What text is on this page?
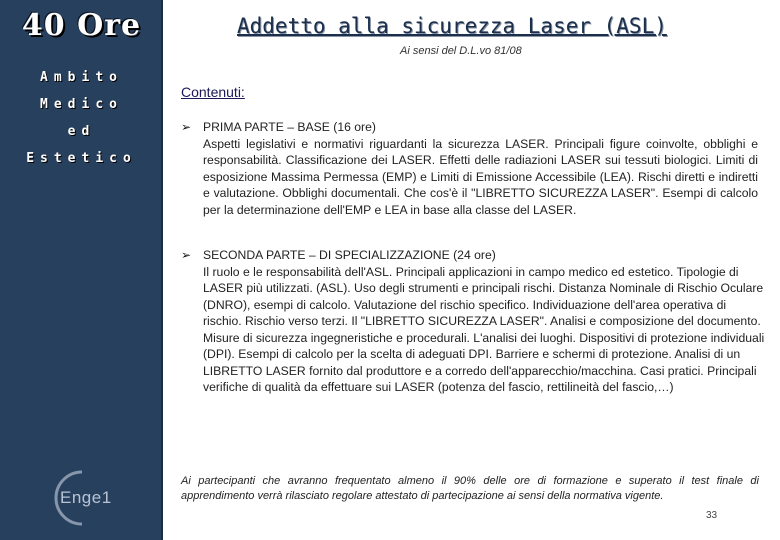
40 Ore
Ambito
Medico
ed
Estetico
Enge1
Addetto alla sicurezza Laser (ASL)
Ai sensi del D.L.vo 81/08
Contenuti:
➢ PRIMA PARTE – BASE (16 ore)
Aspetti legislativi e normativi riguardanti la sicurezza LASER. Principali figure coinvolte, obblighi e responsabilità. Classificazione dei LASER. Effetti delle radiazioni LASER sui tessuti biologici. Limiti di esposizione Massima Permessa (EMP) e Limiti di Emissione Accessibile (LEA). Rischi diretti e indiretti e valutazione. Obblighi documentali. Che cos'è il "LIBRETTO SICUREZZA LASER". Esempi di calcolo per la determinazione dell'EMP e LEA in base alla classe del LASER.
➢ SECONDA PARTE – DI SPECIALIZZAZIONE (24 ore)
Il ruolo e le responsabilità dell'ASL. Principali applicazioni in campo medico ed estetico. Tipologie di LASER più utilizzati. (ASL). Uso degli strumenti e principali rischi. Distanza Nominale di Rischio Oculare (DNRO), esempi di calcolo. Valutazione del rischio specifico. Individuazione dell'area operativa di rischio. Rischio verso terzi. Il "LIBRETTO SICUREZZA LASER". Analisi e composizione del documento. Misure di sicurezza ingegneristiche e procedurali. L'analisi dei luoghi. Dispositivi di protezione individuali (DPI). Esempi di calcolo per la scelta di adeguati DPI. Barriere e schermi di protezione. Analisi di un LIBRETTO LASER fornito dal produttore e a corredo dell'apparecchio/macchina. Casi pratici. Principali verifiche di qualità da effettuare sui LASER (potenza del fascio, rettilineità del fascio,…)
Ai partecipanti che avranno frequentato almeno il 90% delle ore di formazione e superato il test finale di apprendimento verrà rilasciato regolare attestato di partecipazione ai sensi della normativa vigente.
33
